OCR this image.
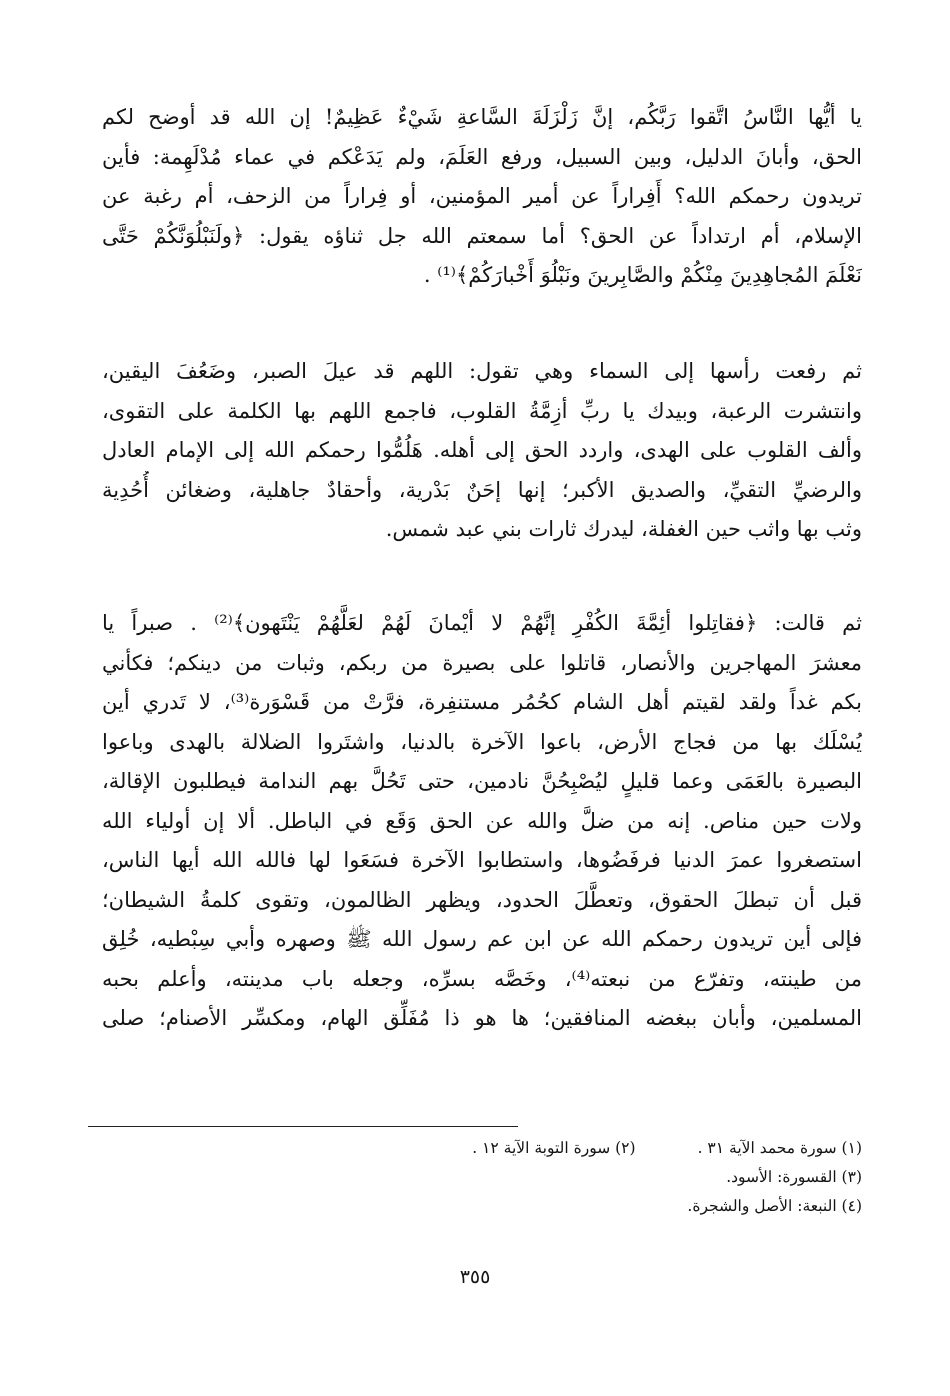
يا أيُّها النَّاسُ اتَّقوا رَبَّكُم، إنَّ زَلْزَلَةَ السَّاعةِ شَيْءٌ عَظِيمٌ! إن الله قد أوضح لكم
الحق، وأبانَ الدليل، وبين السبيل، ورفع العَلَمَ، ولم يَدَعْكم في عماء مُدْلَهِمة: فأين
تريدون رحمكم الله؟ أَفِراراً عن أمير المؤمنين، أو فِراراً من الزحف، أم رغبة عن
الإسلام، أم ارتداداً عن الحق؟ أما سمعتم الله جل ثناؤه يقول: ﴿ولَنَبْلُوَنَّكُمْ حَتَّى
نَعْلَمَ المُجاهِدِينَ مِنْكُمْ والصَّابِرينَ ونَبْلُوَ أَخْبارَكُمْ﴾⁽¹⁾ .
ثم رفعت رأسها إلى السماء وهي تقول: اللهم قد عيلَ الصبر، وضَعُفَ اليقين،
وانتشرت الرعبة، وبيدك يا ربِّ أزِمَّةُ القلوب، فاجمع اللهم بها الكلمة على التقوى،
وألف القلوب على الهدى، واردد الحق إلى أهله. هَلُمُّوا رحمكم الله إلى الإمام العادل
والرضيِّ التقيِّ، والصديق الأكبر؛ إنها إحَنٌ بَدْرية، وأحقادٌ جاهلية، وضغائن أُحُدِية
وثب بها واثب حين الغفلة، ليدرك ثارات بني عبد شمس.
ثم قالت: ﴿فقاتِلوا أئِمَّةَ الكُفْرِ إنَّهُمْ لا أيْمانَ لَهُمْ لعَلَّهُمْ يَنْتَهون﴾⁽²⁾ . صبراً يا
معشرَ المهاجرين والأنصار، قاتلوا على بصيرة من ربكم، وثبات من دينكم؛ فكأني
بكم غداً ولقد لقيتم أهل الشام كحُمُر مستنفِرة، فرَّتْ من قَسْوَرة⁽³⁾، لا تَدري أين
يُسْلَك بها من فجاج الأرض، باعوا الآخرة بالدنيا، واشتَروا الضلالة بالهدى وباعوا
البصيرة بالعَمَى وعما قليلٍ ليُصْبِحُنَّ نادمين، حتى تَحُلَّ بهم الندامة فيطلبون الإقالة،
ولات حين مناص. إنه من ضلَّ والله عن الحق وَقَع في الباطل. ألا إن أولياء الله
استصغروا عمرَ الدنيا فرفَضُوها، واستطابوا الآخرة فسَعَوا لها فالله الله أيها الناس،
قبل أن تبطلَ الحقوق، وتعطَّلَ الحدود، ويظهر الظالمون، وتقوى كلمةُ الشيطان؛
فإلى أين تريدون رحمكم الله عن ابن عم رسول الله ﷺ وصهره وأبي سِبْطيه، خُلِق
من طينته، وتفرّع من نبعته⁽⁴⁾، وخَصَّه بسرِّه، وجعله باب مدينته، وأعلم بحبه
المسلمين، وأبان ببغضه المنافقين؛ ها هو ذا مُفَلِّق الهام، ومكسِّر الأصنام؛ صلى
(١) سورة محمد الآية ٣١ .
(٢) سورة التوبة الآية ١٢ .
(٣) القسورة: الأسود.
(٤) النبعة: الأصل والشجرة.
٣٥٥
